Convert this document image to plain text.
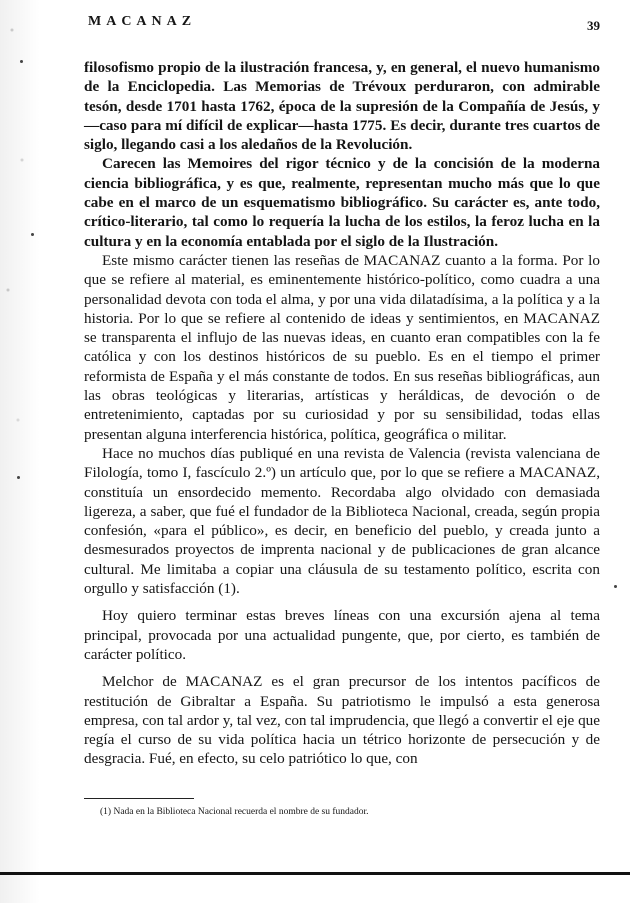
MACANAZ	39

filosofismo propio de la ilustración francesa, y, en general, el nuevo humanismo de la Enciclopedia. Las Memorias de Trévoux perduraron, con admirable tesón, desde 1701 hasta 1762, época de la supresión de la Compañía de Jesús, y—caso para mí difícil de explicar—hasta 1775. Es decir, durante tres cuartos de siglo, llegando casi a los aledaños de la Revolución.

Carecen las Memoires del rigor técnico y de la concisión de la moderna ciencia bibliográfica, y es que, realmente, representan mucho más que lo que cabe en el marco de un esquematismo bibliográfico. Su carácter es, ante todo, crítico-literario, tal como lo requería la lucha de los estilos, la feroz lucha en la cultura y en la economía entablada por el siglo de la Ilustración.

Este mismo carácter tienen las reseñas de MACANAZ cuanto a la forma. Por lo que se refiere al material, es eminentemente histórico-político, como cuadra a una personalidad devota con toda el alma, y por una vida dilatadísima, a la política y a la historia. Por lo que se refiere al contenido de ideas y sentimientos, en MACANAZ se transparenta el influjo de las nuevas ideas, en cuanto eran compatibles con la fe católica y con los destinos históricos de su pueblo. Es en el tiempo el primer reformista de España y el más constante de todos. En sus reseñas bibliográficas, aun las obras teológicas y literarias, artísticas y heráldicas, de devoción o de entretenimiento, captadas por su curiosidad y por su sensibilidad, todas ellas presentan alguna interferencia histórica, política, geográfica o militar.

Hace no muchos días publiqué en una revista de Valencia (revista valenciana de Filología, tomo I, fascículo 2.º) un artículo que, por lo que se refiere a MACANAZ, constituía un ensordecido memento. Recordaba algo olvidado con demasiada ligereza, a saber, que fué el fundador de la Biblioteca Nacional, creada, según propia confesión, «para el público», es decir, en beneficio del pueblo, y creada junto a desmesurados proyectos de imprenta nacional y de publicaciones de gran alcance cultural. Me limitaba a copiar una cláusula de su testamento político, escrita con orgullo y satisfacción (1).

Hoy quiero terminar estas breves líneas con una excursión ajena al tema principal, provocada por una actualidad pungente, que, por cierto, es también de carácter político.

Melchor de MACANAZ es el gran precursor de los intentos pacíficos de restitución de Gibraltar a España. Su patriotismo le impulsó a esta generosa empresa, con tal ardor y, tal vez, con tal imprudencia, que llegó a convertir el eje que regía el curso de su vida política hacia un tétrico horizonte de persecución y de desgracia. Fué, en efecto, su celo patriótico lo que, con

(1) Nada en la Biblioteca Nacional recuerda el nombre de su fundador.
